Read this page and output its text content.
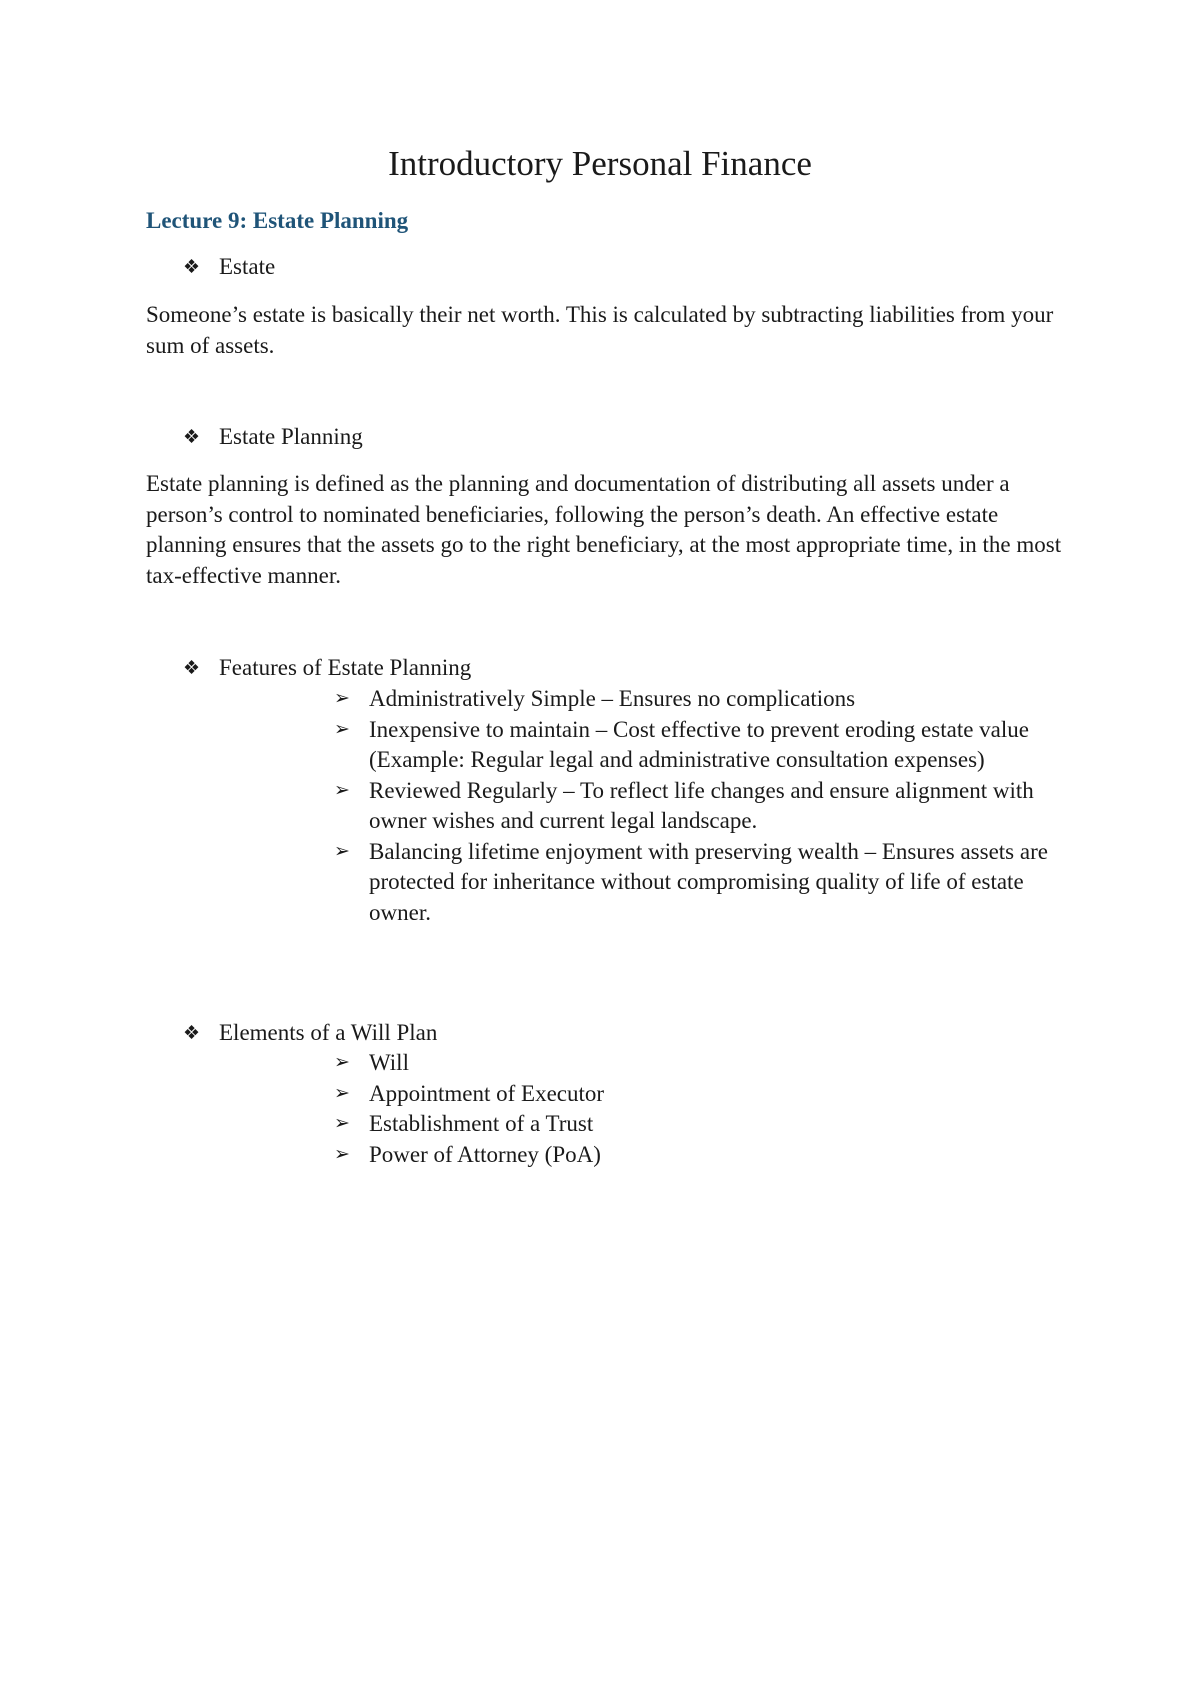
Introductory Personal Finance
Lecture 9: Estate Planning
❖ Estate

Someone’s estate is basically their net worth. This is calculated by subtracting liabilities from your sum of assets.

❖ Estate Planning

Estate planning is defined as the planning and documentation of distributing all assets under a person’s control to nominated beneficiaries, following the person’s death. An effective estate planning ensures that the assets go to the right beneficiary, at the most appropriate time, in the most tax-effective manner.

❖ Features of Estate Planning
➢ Administratively Simple – Ensures no complications
➢ Inexpensive to maintain – Cost effective to prevent eroding estate value (Example: Regular legal and administrative consultation expenses)
➢ Reviewed Regularly – To reflect life changes and ensure alignment with owner wishes and current legal landscape.
➢ Balancing lifetime enjoyment with preserving wealth – Ensures assets are protected for inheritance without compromising quality of life of estate owner.
❖ Elements of a Will Plan
➢ Will
➢ Appointment of Executor
➢ Establishment of a Trust
➢ Power of Attorney (PoA)
